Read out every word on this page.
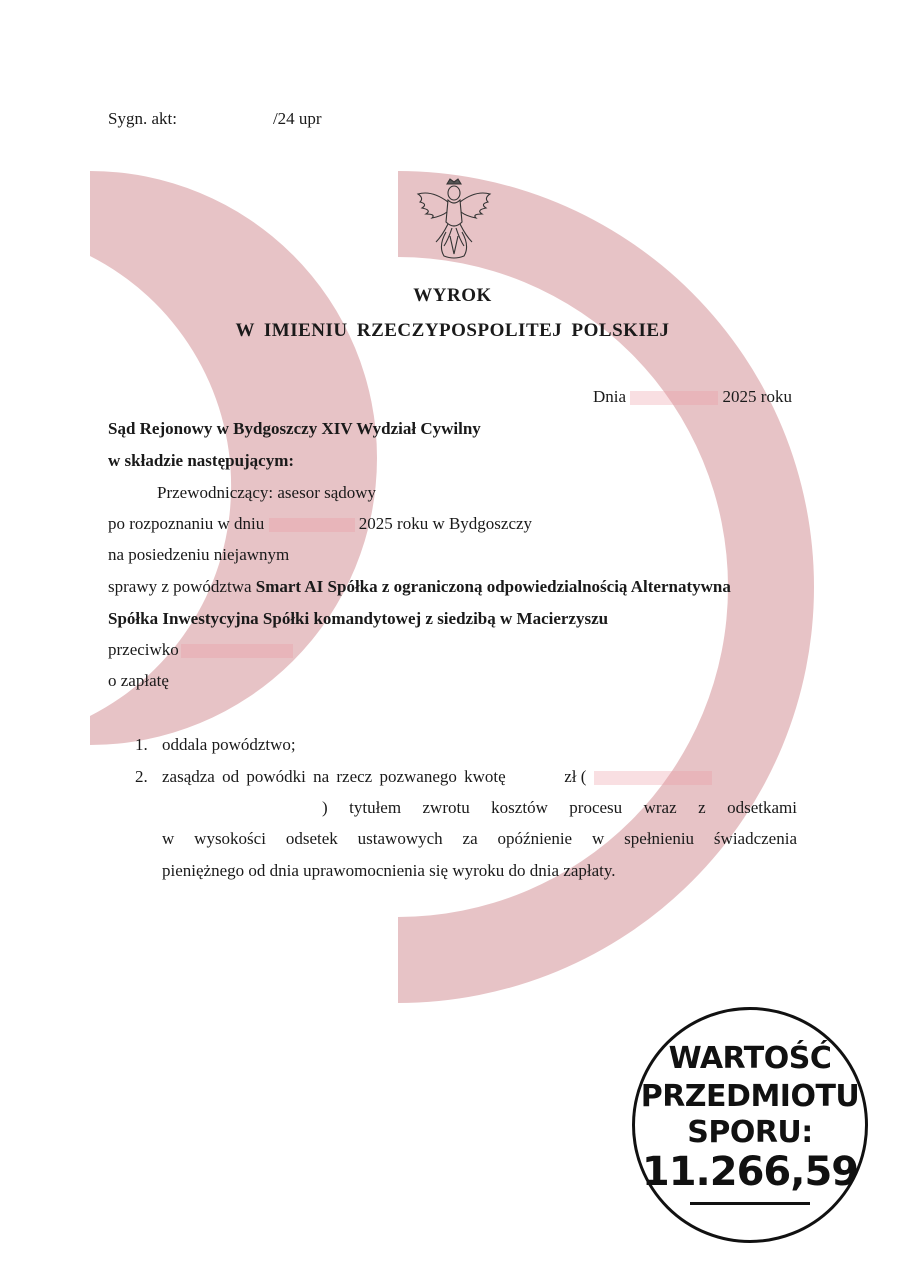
Sygn. akt:	/24 upr
WYROK
W IMIENIU RZECZYPOSPOLITEJ POLSKIEJ
Dnia	2025 roku
Sąd Rejonowy w Bydgoszczy XIV Wydział Cywilny
w składzie następującym:
Przewodniczący: asesor sądowy
po rozpoznaniu w dniu	2025 roku w Bydgoszczy
na posiedzeniu niejawnym
sprawy z powództwa Smart AI Spółka z ograniczoną odpowiedzialnością Alternatywna
Spółka Inwestycyjna Spółki komandytowej z siedzibą w Macierzyszu
przeciwko
o zapłatę
1. oddala powództwo;
2. zasądza od powódki na rzecz pozwanego kwotę	zł (
) tytułem zwrotu kosztów procesu wraz z odsetkami
w wysokości odsetek ustawowych za opóźnienie w spełnieniu świadczenia
pieniężnego od dnia uprawomocnienia się wyroku do dnia zapłaty.
WARTOŚĆ
PRZEDMIOTU
SPORU:
11.266,59
